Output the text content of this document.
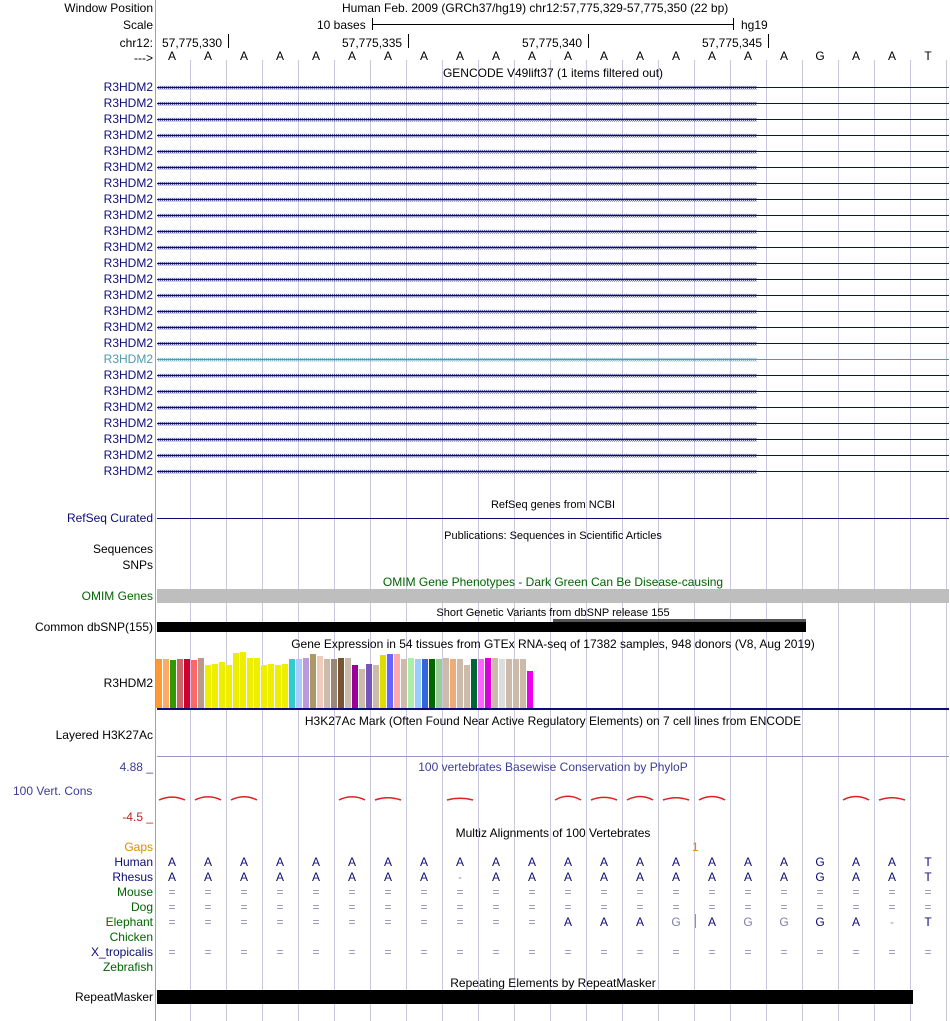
Window Position
Scale
chr12:
--->
Human Feb. 2009 (GRCh37/hg19) chr12:57,775,329-57,775,350 (22 bp)
10 bases	hg19
57,775,330	57,775,335	57,775,340	57,775,345
A	A	A	A	A	A	A	A	A	A	A	A	A	A	A	A	A	A	G	A	A	T
GENCODE V49lift37 (1 items filtered out)
R3HDM2 ‹‹‹‹‹‹‹‹‹‹‹‹‹‹‹‹‹‹‹‹‹‹‹‹‹‹‹‹‹‹‹‹‹‹‹‹‹‹‹‹‹‹‹‹‹‹‹‹‹‹‹‹‹‹‹‹‹‹‹‹‹‹‹‹‹‹‹‹‹‹‹‹‹‹‹‹‹‹‹‹‹‹‹‹‹‹‹‹‹‹‹‹‹‹‹‹‹‹‹‹‹‹‹‹‹‹‹‹‹‹‹‹‹‹‹‹‹‹‹‹‹‹‹‹‹‹‹‹‹‹‹‹‹‹‹‹‹‹‹‹‹‹‹‹‹‹‹‹‹‹‹‹‹‹‹‹‹‹‹‹‹‹‹‹‹‹‹‹‹‹‹‹‹‹‹‹‹‹‹‹‹‹‹‹‹‹‹‹‹‹‹‹‹‹‹‹‹‹‹‹‹‹‹‹‹‹‹‹‹‹‹‹‹‹‹‹‹‹‹‹‹‹‹‹‹‹‹‹‹‹‹‹‹‹‹‹‹‹‹‹‹‹‹‹‹‹‹‹‹‹‹‹‹‹‹‹‹‹‹‹‹‹‹‹‹‹‹‹‹‹‹‹‹‹‹‹‹‹‹‹‹‹‹‹‹‹‹‹‹‹‹‹‹‹‹‹‹‹‹‹
R3HDM2 ‹‹‹‹‹‹‹‹‹‹‹‹‹‹‹‹‹‹‹‹‹‹‹‹‹‹‹‹‹‹‹‹‹‹‹‹‹‹‹‹‹‹‹‹‹‹‹‹‹‹‹‹‹‹‹‹‹‹‹‹‹‹‹‹‹‹‹‹‹‹‹‹‹‹‹‹‹‹‹‹‹‹‹‹‹‹‹‹‹‹‹‹‹‹‹‹‹‹‹‹‹‹‹‹‹‹‹‹‹‹‹‹‹‹‹‹‹‹‹‹‹‹‹‹‹‹‹‹‹‹‹‹‹‹‹‹‹‹‹‹‹‹‹‹‹‹‹‹‹‹‹‹‹‹‹‹‹‹‹‹‹‹‹‹‹‹‹‹‹‹‹‹‹‹‹‹‹‹‹‹‹‹‹‹‹‹‹‹‹‹‹‹‹‹‹‹‹‹‹‹‹‹‹‹‹‹‹‹‹‹‹‹‹‹‹‹‹‹‹‹‹‹‹‹‹‹‹‹‹‹‹‹‹‹‹‹‹‹‹‹‹‹‹‹‹‹‹‹‹‹‹‹‹‹‹‹‹‹‹‹‹‹‹‹‹‹‹‹‹‹‹‹‹‹‹‹‹‹‹‹‹‹‹‹‹‹‹‹‹‹‹‹‹‹‹‹‹‹‹‹
R3HDM2 ‹‹‹‹‹‹‹‹‹‹‹‹‹‹‹‹‹‹‹‹‹‹‹‹‹‹‹‹‹‹‹‹‹‹‹‹‹‹‹‹‹‹‹‹‹‹‹‹‹‹‹‹‹‹‹‹‹‹‹‹‹‹‹‹‹‹‹‹‹‹‹‹‹‹‹‹‹‹‹‹‹‹‹‹‹‹‹‹‹‹‹‹‹‹‹‹‹‹‹‹‹‹‹‹‹‹‹‹‹‹‹‹‹‹‹‹‹‹‹‹‹‹‹‹‹‹‹‹‹‹‹‹‹‹‹‹‹‹‹‹‹‹‹‹‹‹‹‹‹‹‹‹‹‹‹‹‹‹‹‹‹‹‹‹‹‹‹‹‹‹‹‹‹‹‹‹‹‹‹‹‹‹‹‹‹‹‹‹‹‹‹‹‹‹‹‹‹‹‹‹‹‹‹‹‹‹‹‹‹‹‹‹‹‹‹‹‹‹‹‹‹‹‹‹‹‹‹‹‹‹‹‹‹‹‹‹‹‹‹‹‹‹‹‹‹‹‹‹‹‹‹‹‹‹‹‹‹‹‹‹‹‹‹‹‹‹‹‹‹‹‹‹‹‹‹‹‹‹‹‹‹‹‹‹‹‹‹‹‹‹‹‹‹‹‹‹‹‹‹‹
R3HDM2 ‹‹‹‹‹‹‹‹‹‹‹‹‹‹‹‹‹‹‹‹‹‹‹‹‹‹‹‹‹‹‹‹‹‹‹‹‹‹‹‹‹‹‹‹‹‹‹‹‹‹‹‹‹‹‹‹‹‹‹‹‹‹‹‹‹‹‹‹‹‹‹‹‹‹‹‹‹‹‹‹‹‹‹‹‹‹‹‹‹‹‹‹‹‹‹‹‹‹‹‹‹‹‹‹‹‹‹‹‹‹‹‹‹‹‹‹‹‹‹‹‹‹‹‹‹‹‹‹‹‹‹‹‹‹‹‹‹‹‹‹‹‹‹‹‹‹‹‹‹‹‹‹‹‹‹‹‹‹‹‹‹‹‹‹‹‹‹‹‹‹‹‹‹‹‹‹‹‹‹‹‹‹‹‹‹‹‹‹‹‹‹‹‹‹‹‹‹‹‹‹‹‹‹‹‹‹‹‹‹‹‹‹‹‹‹‹‹‹‹‹‹‹‹‹‹‹‹‹‹‹‹‹‹‹‹‹‹‹‹‹‹‹‹‹‹‹‹‹‹‹‹‹‹‹‹‹‹‹‹‹‹‹‹‹‹‹‹‹‹‹‹‹‹‹‹‹‹‹‹‹‹‹‹‹‹‹‹‹‹‹‹‹‹‹‹‹‹‹‹‹
R3HDM2 ‹‹‹‹‹‹‹‹‹‹‹‹‹‹‹‹‹‹‹‹‹‹‹‹‹‹‹‹‹‹‹‹‹‹‹‹‹‹‹‹‹‹‹‹‹‹‹‹‹‹‹‹‹‹‹‹‹‹‹‹‹‹‹‹‹‹‹‹‹‹‹‹‹‹‹‹‹‹‹‹‹‹‹‹‹‹‹‹‹‹‹‹‹‹‹‹‹‹‹‹‹‹‹‹‹‹‹‹‹‹‹‹‹‹‹‹‹‹‹‹‹‹‹‹‹‹‹‹‹‹‹‹‹‹‹‹‹‹‹‹‹‹‹‹‹‹‹‹‹‹‹‹‹‹‹‹‹‹‹‹‹‹‹‹‹‹‹‹‹‹‹‹‹‹‹‹‹‹‹‹‹‹‹‹‹‹‹‹‹‹‹‹‹‹‹‹‹‹‹‹‹‹‹‹‹‹‹‹‹‹‹‹‹‹‹‹‹‹‹‹‹‹‹‹‹‹‹‹‹‹‹‹‹‹‹‹‹‹‹‹‹‹‹‹‹‹‹‹‹‹‹‹‹‹‹‹‹‹‹‹‹‹‹‹‹‹‹‹‹‹‹‹‹‹‹‹‹‹‹‹‹‹‹‹‹‹‹‹‹‹‹‹‹‹‹‹‹‹‹‹
R3HDM2 ‹‹‹‹‹‹‹‹‹‹‹‹‹‹‹‹‹‹‹‹‹‹‹‹‹‹‹‹‹‹‹‹‹‹‹‹‹‹‹‹‹‹‹‹‹‹‹‹‹‹‹‹‹‹‹‹‹‹‹‹‹‹‹‹‹‹‹‹‹‹‹‹‹‹‹‹‹‹‹‹‹‹‹‹‹‹‹‹‹‹‹‹‹‹‹‹‹‹‹‹‹‹‹‹‹‹‹‹‹‹‹‹‹‹‹‹‹‹‹‹‹‹‹‹‹‹‹‹‹‹‹‹‹‹‹‹‹‹‹‹‹‹‹‹‹‹‹‹‹‹‹‹‹‹‹‹‹‹‹‹‹‹‹‹‹‹‹‹‹‹‹‹‹‹‹‹‹‹‹‹‹‹‹‹‹‹‹‹‹‹‹‹‹‹‹‹‹‹‹‹‹‹‹‹‹‹‹‹‹‹‹‹‹‹‹‹‹‹‹‹‹‹‹‹‹‹‹‹‹‹‹‹‹‹‹‹‹‹‹‹‹‹‹‹‹‹‹‹‹‹‹‹‹‹‹‹‹‹‹‹‹‹‹‹‹‹‹‹‹‹‹‹‹‹‹‹‹‹‹‹‹‹‹‹‹‹‹‹‹‹‹‹‹‹‹‹‹‹‹‹
R3HDM2 ‹‹‹‹‹‹‹‹‹‹‹‹‹‹‹‹‹‹‹‹‹‹‹‹‹‹‹‹‹‹‹‹‹‹‹‹‹‹‹‹‹‹‹‹‹‹‹‹‹‹‹‹‹‹‹‹‹‹‹‹‹‹‹‹‹‹‹‹‹‹‹‹‹‹‹‹‹‹‹‹‹‹‹‹‹‹‹‹‹‹‹‹‹‹‹‹‹‹‹‹‹‹‹‹‹‹‹‹‹‹‹‹‹‹‹‹‹‹‹‹‹‹‹‹‹‹‹‹‹‹‹‹‹‹‹‹‹‹‹‹‹‹‹‹‹‹‹‹‹‹‹‹‹‹‹‹‹‹‹‹‹‹‹‹‹‹‹‹‹‹‹‹‹‹‹‹‹‹‹‹‹‹‹‹‹‹‹‹‹‹‹‹‹‹‹‹‹‹‹‹‹‹‹‹‹‹‹‹‹‹‹‹‹‹‹‹‹‹‹‹‹‹‹‹‹‹‹‹‹‹‹‹‹‹‹‹‹‹‹‹‹‹‹‹‹‹‹‹‹‹‹‹‹‹‹‹‹‹‹‹‹‹‹‹‹‹‹‹‹‹‹‹‹‹‹‹‹‹‹‹‹‹‹‹‹‹‹‹‹‹‹‹‹‹‹‹‹‹‹‹
R3HDM2 ‹‹‹‹‹‹‹‹‹‹‹‹‹‹‹‹‹‹‹‹‹‹‹‹‹‹‹‹‹‹‹‹‹‹‹‹‹‹‹‹‹‹‹‹‹‹‹‹‹‹‹‹‹‹‹‹‹‹‹‹‹‹‹‹‹‹‹‹‹‹‹‹‹‹‹‹‹‹‹‹‹‹‹‹‹‹‹‹‹‹‹‹‹‹‹‹‹‹‹‹‹‹‹‹‹‹‹‹‹‹‹‹‹‹‹‹‹‹‹‹‹‹‹‹‹‹‹‹‹‹‹‹‹‹‹‹‹‹‹‹‹‹‹‹‹‹‹‹‹‹‹‹‹‹‹‹‹‹‹‹‹‹‹‹‹‹‹‹‹‹‹‹‹‹‹‹‹‹‹‹‹‹‹‹‹‹‹‹‹‹‹‹‹‹‹‹‹‹‹‹‹‹‹‹‹‹‹‹‹‹‹‹‹‹‹‹‹‹‹‹‹‹‹‹‹‹‹‹‹‹‹‹‹‹‹‹‹‹‹‹‹‹‹‹‹‹‹‹‹‹‹‹‹‹‹‹‹‹‹‹‹‹‹‹‹‹‹‹‹‹‹‹‹‹‹‹‹‹‹‹‹‹‹‹‹‹‹‹‹‹‹‹‹‹‹‹‹‹‹‹
R3HDM2 ‹‹‹‹‹‹‹‹‹‹‹‹‹‹‹‹‹‹‹‹‹‹‹‹‹‹‹‹‹‹‹‹‹‹‹‹‹‹‹‹‹‹‹‹‹‹‹‹‹‹‹‹‹‹‹‹‹‹‹‹‹‹‹‹‹‹‹‹‹‹‹‹‹‹‹‹‹‹‹‹‹‹‹‹‹‹‹‹‹‹‹‹‹‹‹‹‹‹‹‹‹‹‹‹‹‹‹‹‹‹‹‹‹‹‹‹‹‹‹‹‹‹‹‹‹‹‹‹‹‹‹‹‹‹‹‹‹‹‹‹‹‹‹‹‹‹‹‹‹‹‹‹‹‹‹‹‹‹‹‹‹‹‹‹‹‹‹‹‹‹‹‹‹‹‹‹‹‹‹‹‹‹‹‹‹‹‹‹‹‹‹‹‹‹‹‹‹‹‹‹‹‹‹‹‹‹‹‹‹‹‹‹‹‹‹‹‹‹‹‹‹‹‹‹‹‹‹‹‹‹‹‹‹‹‹‹‹‹‹‹‹‹‹‹‹‹‹‹‹‹‹‹‹‹‹‹‹‹‹‹‹‹‹‹‹‹‹‹‹‹‹‹‹‹‹‹‹‹‹‹‹‹‹‹‹‹‹‹‹‹‹‹‹‹‹‹‹‹‹‹
R3HDM2 ‹‹‹‹‹‹‹‹‹‹‹‹‹‹‹‹‹‹‹‹‹‹‹‹‹‹‹‹‹‹‹‹‹‹‹‹‹‹‹‹‹‹‹‹‹‹‹‹‹‹‹‹‹‹‹‹‹‹‹‹‹‹‹‹‹‹‹‹‹‹‹‹‹‹‹‹‹‹‹‹‹‹‹‹‹‹‹‹‹‹‹‹‹‹‹‹‹‹‹‹‹‹‹‹‹‹‹‹‹‹‹‹‹‹‹‹‹‹‹‹‹‹‹‹‹‹‹‹‹‹‹‹‹‹‹‹‹‹‹‹‹‹‹‹‹‹‹‹‹‹‹‹‹‹‹‹‹‹‹‹‹‹‹‹‹‹‹‹‹‹‹‹‹‹‹‹‹‹‹‹‹‹‹‹‹‹‹‹‹‹‹‹‹‹‹‹‹‹‹‹‹‹‹‹‹‹‹‹‹‹‹‹‹‹‹‹‹‹‹‹‹‹‹‹‹‹‹‹‹‹‹‹‹‹‹‹‹‹‹‹‹‹‹‹‹‹‹‹‹‹‹‹‹‹‹‹‹‹‹‹‹‹‹‹‹‹‹‹‹‹‹‹‹‹‹‹‹‹‹‹‹‹‹‹‹‹‹‹‹‹‹‹‹‹‹‹‹‹‹‹
R3HDM2 ‹‹‹‹‹‹‹‹‹‹‹‹‹‹‹‹‹‹‹‹‹‹‹‹‹‹‹‹‹‹‹‹‹‹‹‹‹‹‹‹‹‹‹‹‹‹‹‹‹‹‹‹‹‹‹‹‹‹‹‹‹‹‹‹‹‹‹‹‹‹‹‹‹‹‹‹‹‹‹‹‹‹‹‹‹‹‹‹‹‹‹‹‹‹‹‹‹‹‹‹‹‹‹‹‹‹‹‹‹‹‹‹‹‹‹‹‹‹‹‹‹‹‹‹‹‹‹‹‹‹‹‹‹‹‹‹‹‹‹‹‹‹‹‹‹‹‹‹‹‹‹‹‹‹‹‹‹‹‹‹‹‹‹‹‹‹‹‹‹‹‹‹‹‹‹‹‹‹‹‹‹‹‹‹‹‹‹‹‹‹‹‹‹‹‹‹‹‹‹‹‹‹‹‹‹‹‹‹‹‹‹‹‹‹‹‹‹‹‹‹‹‹‹‹‹‹‹‹‹‹‹‹‹‹‹‹‹‹‹‹‹‹‹‹‹‹‹‹‹‹‹‹‹‹‹‹‹‹‹‹‹‹‹‹‹‹‹‹‹‹‹‹‹‹‹‹‹‹‹‹‹‹‹‹‹‹‹‹‹‹‹‹‹‹‹‹‹‹‹‹
R3HDM2 ‹‹‹‹‹‹‹‹‹‹‹‹‹‹‹‹‹‹‹‹‹‹‹‹‹‹‹‹‹‹‹‹‹‹‹‹‹‹‹‹‹‹‹‹‹‹‹‹‹‹‹‹‹‹‹‹‹‹‹‹‹‹‹‹‹‹‹‹‹‹‹‹‹‹‹‹‹‹‹‹‹‹‹‹‹‹‹‹‹‹‹‹‹‹‹‹‹‹‹‹‹‹‹‹‹‹‹‹‹‹‹‹‹‹‹‹‹‹‹‹‹‹‹‹‹‹‹‹‹‹‹‹‹‹‹‹‹‹‹‹‹‹‹‹‹‹‹‹‹‹‹‹‹‹‹‹‹‹‹‹‹‹‹‹‹‹‹‹‹‹‹‹‹‹‹‹‹‹‹‹‹‹‹‹‹‹‹‹‹‹‹‹‹‹‹‹‹‹‹‹‹‹‹‹‹‹‹‹‹‹‹‹‹‹‹‹‹‹‹‹‹‹‹‹‹‹‹‹‹‹‹‹‹‹‹‹‹‹‹‹‹‹‹‹‹‹‹‹‹‹‹‹‹‹‹‹‹‹‹‹‹‹‹‹‹‹‹‹‹‹‹‹‹‹‹‹‹‹‹‹‹‹‹‹‹‹‹‹‹‹‹‹‹‹‹‹‹‹‹‹
R3HDM2 ‹‹‹‹‹‹‹‹‹‹‹‹‹‹‹‹‹‹‹‹‹‹‹‹‹‹‹‹‹‹‹‹‹‹‹‹‹‹‹‹‹‹‹‹‹‹‹‹‹‹‹‹‹‹‹‹‹‹‹‹‹‹‹‹‹‹‹‹‹‹‹‹‹‹‹‹‹‹‹‹‹‹‹‹‹‹‹‹‹‹‹‹‹‹‹‹‹‹‹‹‹‹‹‹‹‹‹‹‹‹‹‹‹‹‹‹‹‹‹‹‹‹‹‹‹‹‹‹‹‹‹‹‹‹‹‹‹‹‹‹‹‹‹‹‹‹‹‹‹‹‹‹‹‹‹‹‹‹‹‹‹‹‹‹‹‹‹‹‹‹‹‹‹‹‹‹‹‹‹‹‹‹‹‹‹‹‹‹‹‹‹‹‹‹‹‹‹‹‹‹‹‹‹‹‹‹‹‹‹‹‹‹‹‹‹‹‹‹‹‹‹‹‹‹‹‹‹‹‹‹‹‹‹‹‹‹‹‹‹‹‹‹‹‹‹‹‹‹‹‹‹‹‹‹‹‹‹‹‹‹‹‹‹‹‹‹‹‹‹‹‹‹‹‹‹‹‹‹‹‹‹‹‹‹‹‹‹‹‹‹‹‹‹‹‹‹‹‹‹‹
R3HDM2 ‹‹‹‹‹‹‹‹‹‹‹‹‹‹‹‹‹‹‹‹‹‹‹‹‹‹‹‹‹‹‹‹‹‹‹‹‹‹‹‹‹‹‹‹‹‹‹‹‹‹‹‹‹‹‹‹‹‹‹‹‹‹‹‹‹‹‹‹‹‹‹‹‹‹‹‹‹‹‹‹‹‹‹‹‹‹‹‹‹‹‹‹‹‹‹‹‹‹‹‹‹‹‹‹‹‹‹‹‹‹‹‹‹‹‹‹‹‹‹‹‹‹‹‹‹‹‹‹‹‹‹‹‹‹‹‹‹‹‹‹‹‹‹‹‹‹‹‹‹‹‹‹‹‹‹‹‹‹‹‹‹‹‹‹‹‹‹‹‹‹‹‹‹‹‹‹‹‹‹‹‹‹‹‹‹‹‹‹‹‹‹‹‹‹‹‹‹‹‹‹‹‹‹‹‹‹‹‹‹‹‹‹‹‹‹‹‹‹‹‹‹‹‹‹‹‹‹‹‹‹‹‹‹‹‹‹‹‹‹‹‹‹‹‹‹‹‹‹‹‹‹‹‹‹‹‹‹‹‹‹‹‹‹‹‹‹‹‹‹‹‹‹‹‹‹‹‹‹‹‹‹‹‹‹‹‹‹‹‹‹‹‹‹‹‹‹‹‹‹‹
R3HDM2 ‹‹‹‹‹‹‹‹‹‹‹‹‹‹‹‹‹‹‹‹‹‹‹‹‹‹‹‹‹‹‹‹‹‹‹‹‹‹‹‹‹‹‹‹‹‹‹‹‹‹‹‹‹‹‹‹‹‹‹‹‹‹‹‹‹‹‹‹‹‹‹‹‹‹‹‹‹‹‹‹‹‹‹‹‹‹‹‹‹‹‹‹‹‹‹‹‹‹‹‹‹‹‹‹‹‹‹‹‹‹‹‹‹‹‹‹‹‹‹‹‹‹‹‹‹‹‹‹‹‹‹‹‹‹‹‹‹‹‹‹‹‹‹‹‹‹‹‹‹‹‹‹‹‹‹‹‹‹‹‹‹‹‹‹‹‹‹‹‹‹‹‹‹‹‹‹‹‹‹‹‹‹‹‹‹‹‹‹‹‹‹‹‹‹‹‹‹‹‹‹‹‹‹‹‹‹‹‹‹‹‹‹‹‹‹‹‹‹‹‹‹‹‹‹‹‹‹‹‹‹‹‹‹‹‹‹‹‹‹‹‹‹‹‹‹‹‹‹‹‹‹‹‹‹‹‹‹‹‹‹‹‹‹‹‹‹‹‹‹‹‹‹‹‹‹‹‹‹‹‹‹‹‹‹‹‹‹‹‹‹‹‹‹‹‹‹‹‹‹‹
R3HDM2 ‹‹‹‹‹‹‹‹‹‹‹‹‹‹‹‹‹‹‹‹‹‹‹‹‹‹‹‹‹‹‹‹‹‹‹‹‹‹‹‹‹‹‹‹‹‹‹‹‹‹‹‹‹‹‹‹‹‹‹‹‹‹‹‹‹‹‹‹‹‹‹‹‹‹‹‹‹‹‹‹‹‹‹‹‹‹‹‹‹‹‹‹‹‹‹‹‹‹‹‹‹‹‹‹‹‹‹‹‹‹‹‹‹‹‹‹‹‹‹‹‹‹‹‹‹‹‹‹‹‹‹‹‹‹‹‹‹‹‹‹‹‹‹‹‹‹‹‹‹‹‹‹‹‹‹‹‹‹‹‹‹‹‹‹‹‹‹‹‹‹‹‹‹‹‹‹‹‹‹‹‹‹‹‹‹‹‹‹‹‹‹‹‹‹‹‹‹‹‹‹‹‹‹‹‹‹‹‹‹‹‹‹‹‹‹‹‹‹‹‹‹‹‹‹‹‹‹‹‹‹‹‹‹‹‹‹‹‹‹‹‹‹‹‹‹‹‹‹‹‹‹‹‹‹‹‹‹‹‹‹‹‹‹‹‹‹‹‹‹‹‹‹‹‹‹‹‹‹‹‹‹‹‹‹‹‹‹‹‹‹‹‹‹‹‹‹‹‹‹‹
R3HDM2 ‹‹‹‹‹‹‹‹‹‹‹‹‹‹‹‹‹‹‹‹‹‹‹‹‹‹‹‹‹‹‹‹‹‹‹‹‹‹‹‹‹‹‹‹‹‹‹‹‹‹‹‹‹‹‹‹‹‹‹‹‹‹‹‹‹‹‹‹‹‹‹‹‹‹‹‹‹‹‹‹‹‹‹‹‹‹‹‹‹‹‹‹‹‹‹‹‹‹‹‹‹‹‹‹‹‹‹‹‹‹‹‹‹‹‹‹‹‹‹‹‹‹‹‹‹‹‹‹‹‹‹‹‹‹‹‹‹‹‹‹‹‹‹‹‹‹‹‹‹‹‹‹‹‹‹‹‹‹‹‹‹‹‹‹‹‹‹‹‹‹‹‹‹‹‹‹‹‹‹‹‹‹‹‹‹‹‹‹‹‹‹‹‹‹‹‹‹‹‹‹‹‹‹‹‹‹‹‹‹‹‹‹‹‹‹‹‹‹‹‹‹‹‹‹‹‹‹‹‹‹‹‹‹‹‹‹‹‹‹‹‹‹‹‹‹‹‹‹‹‹‹‹‹‹‹‹‹‹‹‹‹‹‹‹‹‹‹‹‹‹‹‹‹‹‹‹‹‹‹‹‹‹‹‹‹‹‹‹‹‹‹‹‹‹‹‹‹‹‹‹
R3HDM2 ‹‹‹‹‹‹‹‹‹‹‹‹‹‹‹‹‹‹‹‹‹‹‹‹‹‹‹‹‹‹‹‹‹‹‹‹‹‹‹‹‹‹‹‹‹‹‹‹‹‹‹‹‹‹‹‹‹‹‹‹‹‹‹‹‹‹‹‹‹‹‹‹‹‹‹‹‹‹‹‹‹‹‹‹‹‹‹‹‹‹‹‹‹‹‹‹‹‹‹‹‹‹‹‹‹‹‹‹‹‹‹‹‹‹‹‹‹‹‹‹‹‹‹‹‹‹‹‹‹‹‹‹‹‹‹‹‹‹‹‹‹‹‹‹‹‹‹‹‹‹‹‹‹‹‹‹‹‹‹‹‹‹‹‹‹‹‹‹‹‹‹‹‹‹‹‹‹‹‹‹‹‹‹‹‹‹‹‹‹‹‹‹‹‹‹‹‹‹‹‹‹‹‹‹‹‹‹‹‹‹‹‹‹‹‹‹‹‹‹‹‹‹‹‹‹‹‹‹‹‹‹‹‹‹‹‹‹‹‹‹‹‹‹‹‹‹‹‹‹‹‹‹‹‹‹‹‹‹‹‹‹‹‹‹‹‹‹‹‹‹‹‹‹‹‹‹‹‹‹‹‹‹‹‹‹‹‹‹‹‹‹‹‹‹‹‹‹‹‹‹
R3HDM2 ‹‹‹‹‹‹‹‹‹‹‹‹‹‹‹‹‹‹‹‹‹‹‹‹‹‹‹‹‹‹‹‹‹‹‹‹‹‹‹‹‹‹‹‹‹‹‹‹‹‹‹‹‹‹‹‹‹‹‹‹‹‹‹‹‹‹‹‹‹‹‹‹‹‹‹‹‹‹‹‹‹‹‹‹‹‹‹‹‹‹‹‹‹‹‹‹‹‹‹‹‹‹‹‹‹‹‹‹‹‹‹‹‹‹‹‹‹‹‹‹‹‹‹‹‹‹‹‹‹‹‹‹‹‹‹‹‹‹‹‹‹‹‹‹‹‹‹‹‹‹‹‹‹‹‹‹‹‹‹‹‹‹‹‹‹‹‹‹‹‹‹‹‹‹‹‹‹‹‹‹‹‹‹‹‹‹‹‹‹‹‹‹‹‹‹‹‹‹‹‹‹‹‹‹‹‹‹‹‹‹‹‹‹‹‹‹‹‹‹‹‹‹‹‹‹‹‹‹‹‹‹‹‹‹‹‹‹‹‹‹‹‹‹‹‹‹‹‹‹‹‹‹‹‹‹‹‹‹‹‹‹‹‹‹‹‹‹‹‹‹‹‹‹‹‹‹‹‹‹‹‹‹‹‹‹‹‹‹‹‹‹‹‹‹‹‹‹‹‹‹
R3HDM2 ‹‹‹‹‹‹‹‹‹‹‹‹‹‹‹‹‹‹‹‹‹‹‹‹‹‹‹‹‹‹‹‹‹‹‹‹‹‹‹‹‹‹‹‹‹‹‹‹‹‹‹‹‹‹‹‹‹‹‹‹‹‹‹‹‹‹‹‹‹‹‹‹‹‹‹‹‹‹‹‹‹‹‹‹‹‹‹‹‹‹‹‹‹‹‹‹‹‹‹‹‹‹‹‹‹‹‹‹‹‹‹‹‹‹‹‹‹‹‹‹‹‹‹‹‹‹‹‹‹‹‹‹‹‹‹‹‹‹‹‹‹‹‹‹‹‹‹‹‹‹‹‹‹‹‹‹‹‹‹‹‹‹‹‹‹‹‹‹‹‹‹‹‹‹‹‹‹‹‹‹‹‹‹‹‹‹‹‹‹‹‹‹‹‹‹‹‹‹‹‹‹‹‹‹‹‹‹‹‹‹‹‹‹‹‹‹‹‹‹‹‹‹‹‹‹‹‹‹‹‹‹‹‹‹‹‹‹‹‹‹‹‹‹‹‹‹‹‹‹‹‹‹‹‹‹‹‹‹‹‹‹‹‹‹‹‹‹‹‹‹‹‹‹‹‹‹‹‹‹‹‹‹‹‹‹‹‹‹‹‹‹‹‹‹‹‹‹‹‹‹
R3HDM2 ‹‹‹‹‹‹‹‹‹‹‹‹‹‹‹‹‹‹‹‹‹‹‹‹‹‹‹‹‹‹‹‹‹‹‹‹‹‹‹‹‹‹‹‹‹‹‹‹‹‹‹‹‹‹‹‹‹‹‹‹‹‹‹‹‹‹‹‹‹‹‹‹‹‹‹‹‹‹‹‹‹‹‹‹‹‹‹‹‹‹‹‹‹‹‹‹‹‹‹‹‹‹‹‹‹‹‹‹‹‹‹‹‹‹‹‹‹‹‹‹‹‹‹‹‹‹‹‹‹‹‹‹‹‹‹‹‹‹‹‹‹‹‹‹‹‹‹‹‹‹‹‹‹‹‹‹‹‹‹‹‹‹‹‹‹‹‹‹‹‹‹‹‹‹‹‹‹‹‹‹‹‹‹‹‹‹‹‹‹‹‹‹‹‹‹‹‹‹‹‹‹‹‹‹‹‹‹‹‹‹‹‹‹‹‹‹‹‹‹‹‹‹‹‹‹‹‹‹‹‹‹‹‹‹‹‹‹‹‹‹‹‹‹‹‹‹‹‹‹‹‹‹‹‹‹‹‹‹‹‹‹‹‹‹‹‹‹‹‹‹‹‹‹‹‹‹‹‹‹‹‹‹‹‹‹‹‹‹‹‹‹‹‹‹‹‹‹‹‹‹
R3HDM2 ‹‹‹‹‹‹‹‹‹‹‹‹‹‹‹‹‹‹‹‹‹‹‹‹‹‹‹‹‹‹‹‹‹‹‹‹‹‹‹‹‹‹‹‹‹‹‹‹‹‹‹‹‹‹‹‹‹‹‹‹‹‹‹‹‹‹‹‹‹‹‹‹‹‹‹‹‹‹‹‹‹‹‹‹‹‹‹‹‹‹‹‹‹‹‹‹‹‹‹‹‹‹‹‹‹‹‹‹‹‹‹‹‹‹‹‹‹‹‹‹‹‹‹‹‹‹‹‹‹‹‹‹‹‹‹‹‹‹‹‹‹‹‹‹‹‹‹‹‹‹‹‹‹‹‹‹‹‹‹‹‹‹‹‹‹‹‹‹‹‹‹‹‹‹‹‹‹‹‹‹‹‹‹‹‹‹‹‹‹‹‹‹‹‹‹‹‹‹‹‹‹‹‹‹‹‹‹‹‹‹‹‹‹‹‹‹‹‹‹‹‹‹‹‹‹‹‹‹‹‹‹‹‹‹‹‹‹‹‹‹‹‹‹‹‹‹‹‹‹‹‹‹‹‹‹‹‹‹‹‹‹‹‹‹‹‹‹‹‹‹‹‹‹‹‹‹‹‹‹‹‹‹‹‹‹‹‹‹‹‹‹‹‹‹‹‹‹‹‹‹
R3HDM2 ‹‹‹‹‹‹‹‹‹‹‹‹‹‹‹‹‹‹‹‹‹‹‹‹‹‹‹‹‹‹‹‹‹‹‹‹‹‹‹‹‹‹‹‹‹‹‹‹‹‹‹‹‹‹‹‹‹‹‹‹‹‹‹‹‹‹‹‹‹‹‹‹‹‹‹‹‹‹‹‹‹‹‹‹‹‹‹‹‹‹‹‹‹‹‹‹‹‹‹‹‹‹‹‹‹‹‹‹‹‹‹‹‹‹‹‹‹‹‹‹‹‹‹‹‹‹‹‹‹‹‹‹‹‹‹‹‹‹‹‹‹‹‹‹‹‹‹‹‹‹‹‹‹‹‹‹‹‹‹‹‹‹‹‹‹‹‹‹‹‹‹‹‹‹‹‹‹‹‹‹‹‹‹‹‹‹‹‹‹‹‹‹‹‹‹‹‹‹‹‹‹‹‹‹‹‹‹‹‹‹‹‹‹‹‹‹‹‹‹‹‹‹‹‹‹‹‹‹‹‹‹‹‹‹‹‹‹‹‹‹‹‹‹‹‹‹‹‹‹‹‹‹‹‹‹‹‹‹‹‹‹‹‹‹‹‹‹‹‹‹‹‹‹‹‹‹‹‹‹‹‹‹‹‹‹‹‹‹‹‹‹‹‹‹‹‹‹‹‹‹
R3HDM2 ‹‹‹‹‹‹‹‹‹‹‹‹‹‹‹‹‹‹‹‹‹‹‹‹‹‹‹‹‹‹‹‹‹‹‹‹‹‹‹‹‹‹‹‹‹‹‹‹‹‹‹‹‹‹‹‹‹‹‹‹‹‹‹‹‹‹‹‹‹‹‹‹‹‹‹‹‹‹‹‹‹‹‹‹‹‹‹‹‹‹‹‹‹‹‹‹‹‹‹‹‹‹‹‹‹‹‹‹‹‹‹‹‹‹‹‹‹‹‹‹‹‹‹‹‹‹‹‹‹‹‹‹‹‹‹‹‹‹‹‹‹‹‹‹‹‹‹‹‹‹‹‹‹‹‹‹‹‹‹‹‹‹‹‹‹‹‹‹‹‹‹‹‹‹‹‹‹‹‹‹‹‹‹‹‹‹‹‹‹‹‹‹‹‹‹‹‹‹‹‹‹‹‹‹‹‹‹‹‹‹‹‹‹‹‹‹‹‹‹‹‹‹‹‹‹‹‹‹‹‹‹‹‹‹‹‹‹‹‹‹‹‹‹‹‹‹‹‹‹‹‹‹‹‹‹‹‹‹‹‹‹‹‹‹‹‹‹‹‹‹‹‹‹‹‹‹‹‹‹‹‹‹‹‹‹‹‹‹‹‹‹‹‹‹‹‹‹‹‹‹
R3HDM2 ‹‹‹‹‹‹‹‹‹‹‹‹‹‹‹‹‹‹‹‹‹‹‹‹‹‹‹‹‹‹‹‹‹‹‹‹‹‹‹‹‹‹‹‹‹‹‹‹‹‹‹‹‹‹‹‹‹‹‹‹‹‹‹‹‹‹‹‹‹‹‹‹‹‹‹‹‹‹‹‹‹‹‹‹‹‹‹‹‹‹‹‹‹‹‹‹‹‹‹‹‹‹‹‹‹‹‹‹‹‹‹‹‹‹‹‹‹‹‹‹‹‹‹‹‹‹‹‹‹‹‹‹‹‹‹‹‹‹‹‹‹‹‹‹‹‹‹‹‹‹‹‹‹‹‹‹‹‹‹‹‹‹‹‹‹‹‹‹‹‹‹‹‹‹‹‹‹‹‹‹‹‹‹‹‹‹‹‹‹‹‹‹‹‹‹‹‹‹‹‹‹‹‹‹‹‹‹‹‹‹‹‹‹‹‹‹‹‹‹‹‹‹‹‹‹‹‹‹‹‹‹‹‹‹‹‹‹‹‹‹‹‹‹‹‹‹‹‹‹‹‹‹‹‹‹‹‹‹‹‹‹‹‹‹‹‹‹‹‹‹‹‹‹‹‹‹‹‹‹‹‹‹‹‹‹‹‹‹‹‹‹‹‹‹‹‹‹‹‹‹
RefSeq genes from NCBI
RefSeq Curated
Publications: Sequences in Scientific Articles
Sequences
SNPs
OMIM Gene Phenotypes - Dark Green Can Be Disease-causing
OMIM Genes
Short Genetic Variants from dbSNP release 155
Common dbSNP(155)
Gene Expression in 54 tissues from GTEx RNA-seq of 17382 samples, 948 donors (V8, Aug 2019)
R3HDM2
H3K27Ac Mark (Often Found Near Active Regulatory Elements) on 7 cell lines from ENCODE
Layered H3K27Ac
100 vertebrates Basewise Conservation by PhyloP
4.88 _
100 Vert. Cons
-4.5 _
Multiz Alignments of 100 Vertebrates
Gaps	1
Human	A	A	A	A	A	A	A	A	A	A	A	A	A	A	A	A	A	A	G	A	A	T
Rhesus	A	A	A	A	A	A	A	A	-	A	A	A	A	A	A	A	A	A	G	A	A	T
Mouse	=	=	=	=	=	=	=	=	=	=	=	=	=	=	=	=	=	=	=	=	=	=
Dog	=	=	=	=	=	=	=	=	=	=	=	=	=	=	=	=	=	=	=	=	=	=
Elephant	=	=	=	=	=	=	=	=	=	=	=	A	A	A	G	A	G	G	G	A	-	T
Chicken
X_tropicalis	=	=	=	=	=	=	=	=	=	=	=	=	=	=	=	=	=	=	=	=	=	=
Zebrafish
Repeating Elements by RepeatMasker
RepeatMasker
